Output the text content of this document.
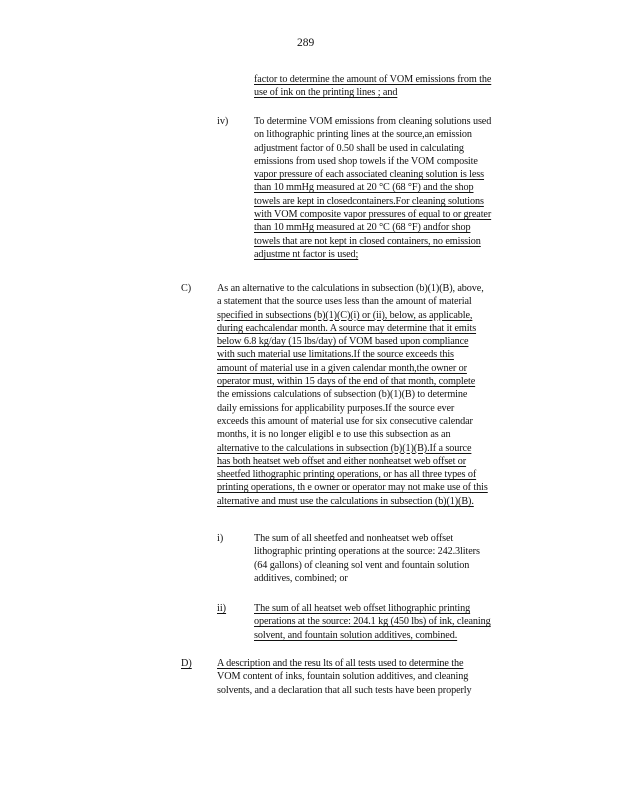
289
factor to determine the amount of VOM emissions from the
use of ink on the printing lines ; and
iv)	To determine VOM emissions from cleaning solutions used
on lithographic printing lines at the source,an emission
adjustment factor of 0.50 shall be used in calculating
emissions from used shop towels if the VOM composite
vapor pressure of each associated cleaning solution is less
than 10 mmHg measured at 20 °C (68 °F) and the shop
towels are kept in closedcontainers.For cleaning solutions
with VOM composite vapor pressures of equal to or greater
than 10 mmHg measured at 20 °C (68 °F) andfor shop
towels that are not kept in closed containers, no emission
adjustme nt factor is used;
C)	As an alternative to the calculations in subsection (b)(1)(B), above,
a statement that the source uses less than the amount of material
specified in subsections (b)(1)(C)(i) or (ii), below, as applicable,
during eachcalendar month. A source may determine that it emits
below 6.8 kg/day (15 lbs/day) of VOM based upon compliance
with such material use limitations.If the source exceeds this
amount of material use in a given calendar month,the owner or
operator must, within 15 days of the end of that month, complete
the emissions calculations of subsection (b)(1)(B) to determine
daily emissions for applicability purposes.If the source ever
exceeds this amount of material use for six consecutive calendar
months, it is no longer eligibl e to use this subsection as an
alternative to the calculations in subsection (b)(1)(B).If a source
has both heatset web offset and either nonheatset web offset or
sheetfed lithographic printing operations, or has all three types of
printing operations, th e owner or operator may not make use of this
alternative and must use the calculations in subsection (b)(1)(B).
i)	The sum of all sheetfed and nonheatset web offset
lithographic printing operations at the source: 242.3liters
(64 gallons) of cleaning sol vent and fountain solution
additives, combined; or
ii)	The sum of all heatset web offset lithographic printing
operations at the source: 204.1 kg (450 lbs) of ink, cleaning
solvent, and fountain solution additives, combined.
D) A description and the resu lts of all tests used to determine the
VOM content of inks, fountain solution additives, and cleaning
solvents, and a declaration that all such tests have been properly
